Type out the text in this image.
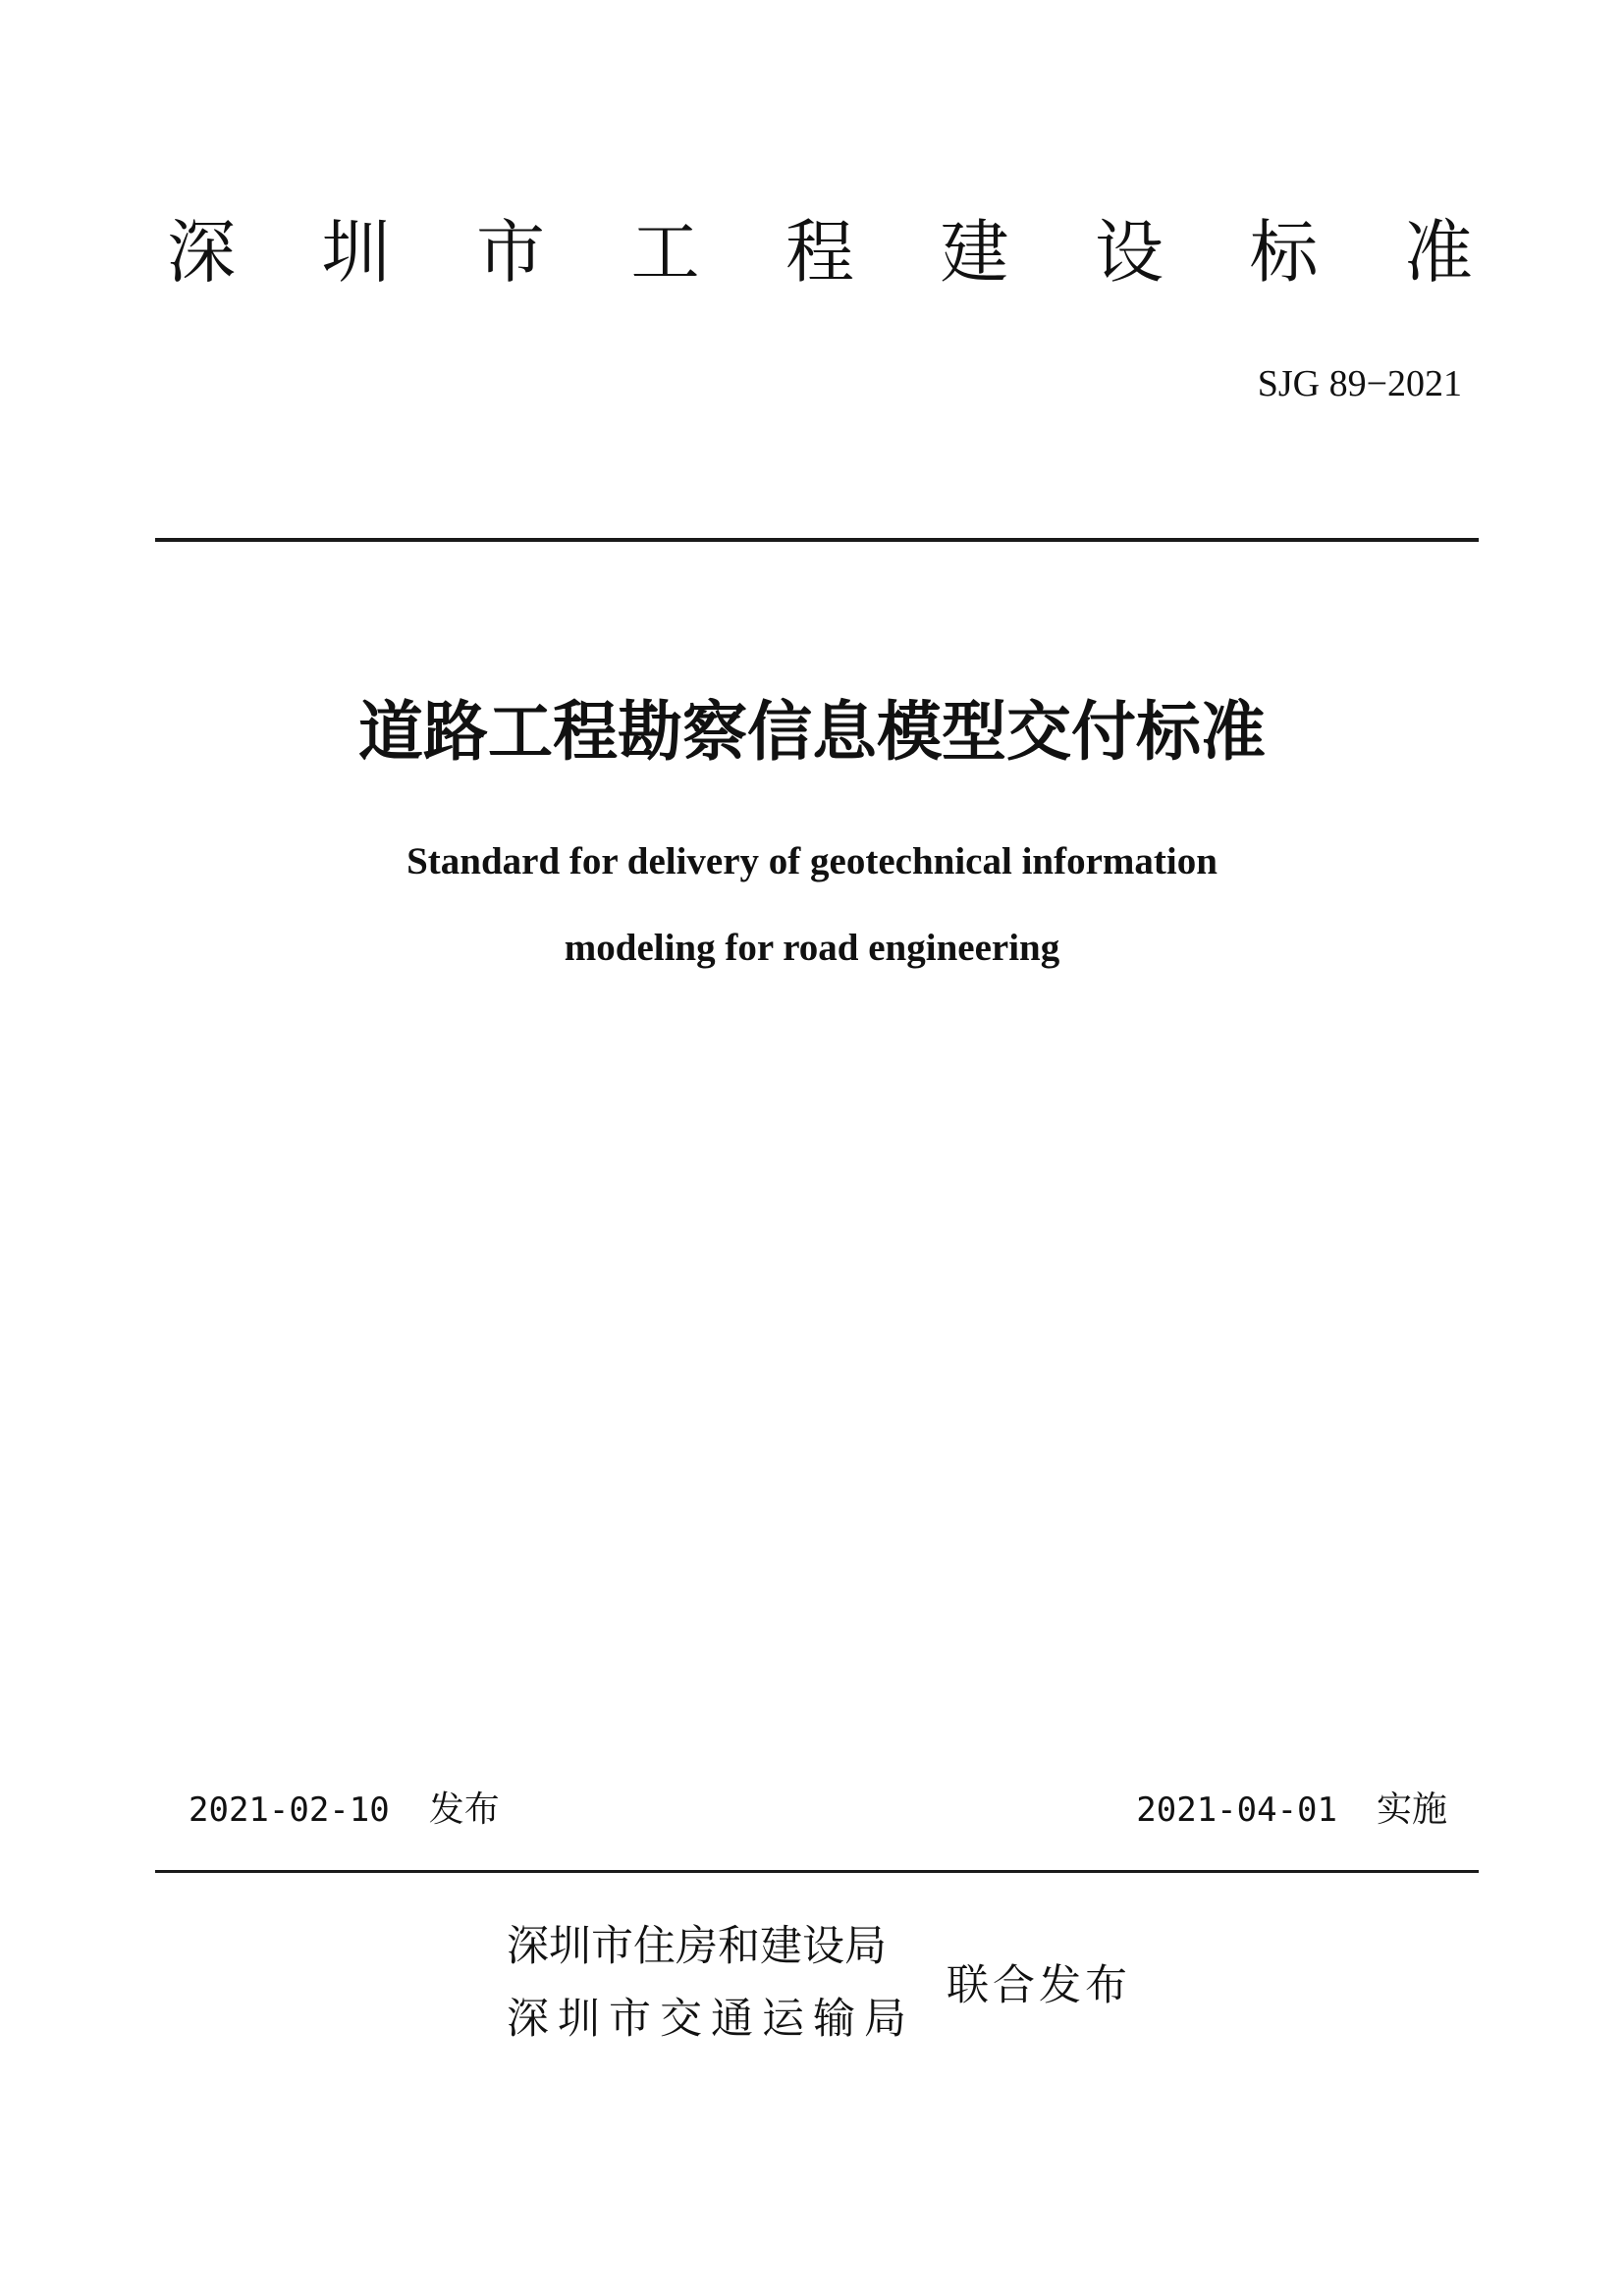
深 圳 市 工 程 建 设 标 准
SJG 89−2021
道路工程勘察信息模型交付标准
Standard for delivery of geotechnical information
modeling for road engineering
2021-02-10 发布	2021-04-01 实施
深圳市住房和建设局
深圳市交通运输局
联合发布
